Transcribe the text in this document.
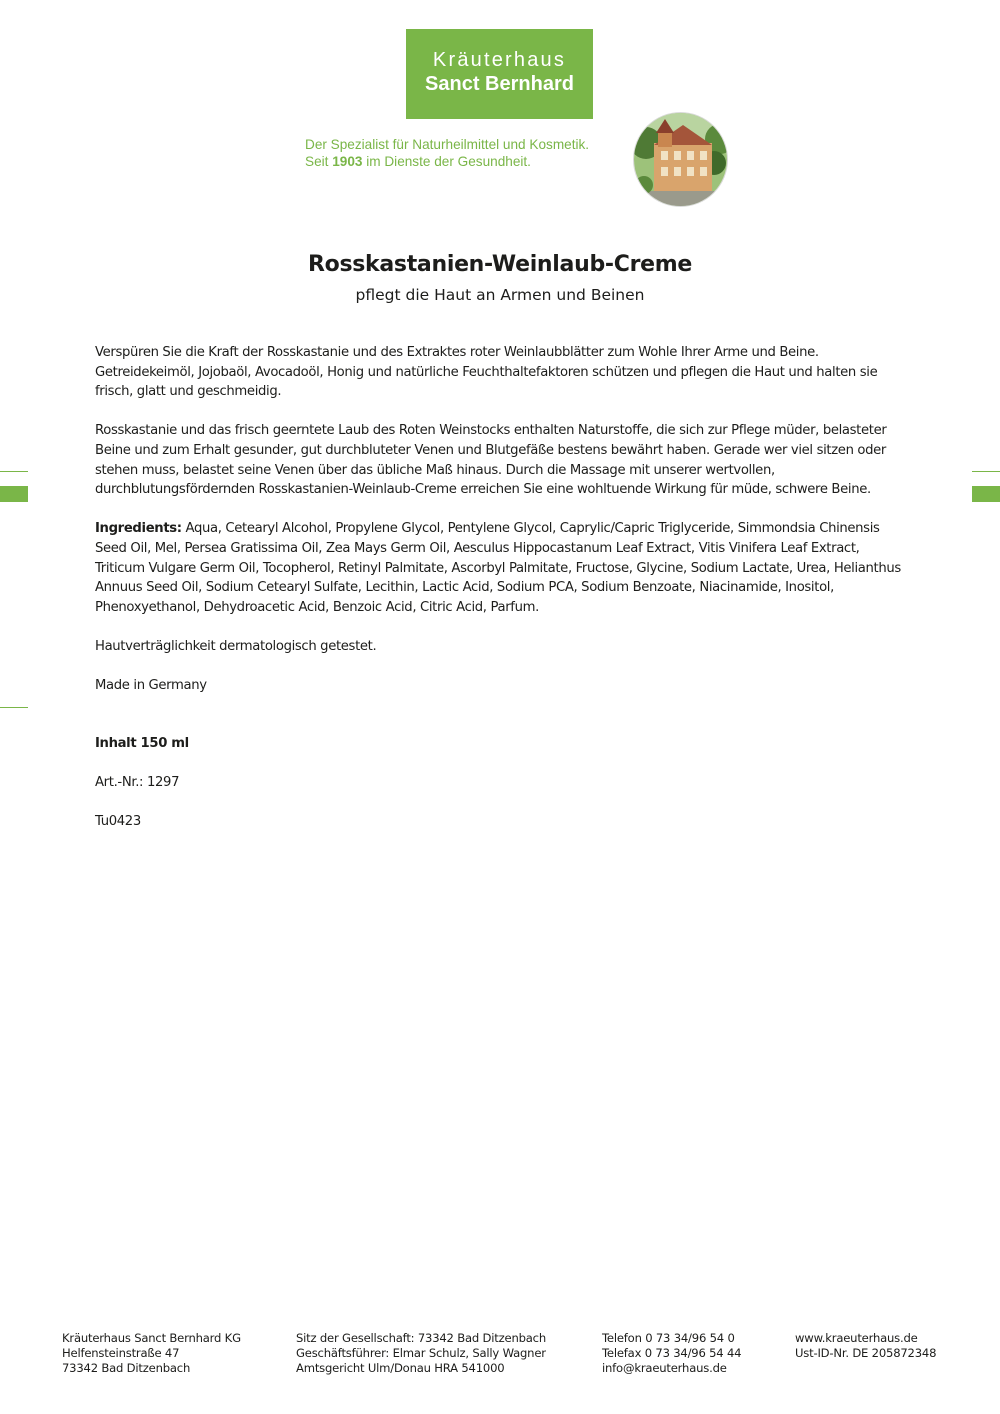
Kräuterhaus
Sanct Bernhard
Der Spezialist für Naturheilmittel und Kosmetik.
Seit 1903 im Dienste der Gesundheit.
Rosskastanien-Weinlaub-Creme
pflegt die Haut an Armen und Beinen

Verspüren Sie die Kraft der Rosskastanie und des Extraktes roter Weinlaubblätter zum Wohle Ihrer Arme und Beine. Getreidekeimöl, Jojobaöl, Avocadoöl, Honig und natürliche Feuchthaltefaktoren schützen und pflegen die Haut und halten sie frisch, glatt und geschmeidig.

Rosskastanie und das frisch geerntete Laub des Roten Weinstocks enthalten Naturstoffe, die sich zur Pflege müder, belasteter Beine und zum Erhalt gesunder, gut durchbluteter Venen und Blutgefäße bestens bewährt haben. Gerade wer viel sitzen oder stehen muss, belastet seine Venen über das übliche Maß hinaus. Durch die Massage mit unserer wertvollen, durchblutungsfördernden Rosskastanien-Weinlaub-Creme erreichen Sie eine wohltuende Wirkung für müde, schwere Beine.

Ingredients: Aqua, Cetearyl Alcohol, Propylene Glycol, Pentylene Glycol, Caprylic/Capric Triglyceride, Simmondsia Chinensis Seed Oil, Mel, Persea Gratissima Oil, Zea Mays Germ Oil, Aesculus Hippocastanum Leaf Extract, Vitis Vinifera Leaf Extract, Triticum Vulgare Germ Oil, Tocopherol, Retinyl Palmitate, Ascorbyl Palmitate, Fructose, Glycine, Sodium Lactate, Urea, Helianthus Annuus Seed Oil, Sodium Cetearyl Sulfate, Lecithin, Lactic Acid, Sodium PCA, Sodium Benzoate, Niacinamide, Inositol, Phenoxyethanol, Dehydroacetic Acid, Benzoic Acid, Citric Acid, Parfum.

Hautverträglichkeit dermatologisch getestet.

Made in Germany

Inhalt 150 ml

Art.-Nr.: 1297

Tu0423

Kräuterhaus Sanct Bernhard KG
Helfensteinstraße 47
73342 Bad Ditzenbach
Sitz der Gesellschaft: 73342 Bad Ditzenbach
Geschäftsführer: Elmar Schulz, Sally Wagner
Amtsgericht Ulm/Donau HRA 541000
Telefon 0 73 34/96 54 0
Telefax 0 73 34/96 54 44
info@kraeuterhaus.de
www.kraeuterhaus.de
Ust-ID-Nr. DE 205872348
